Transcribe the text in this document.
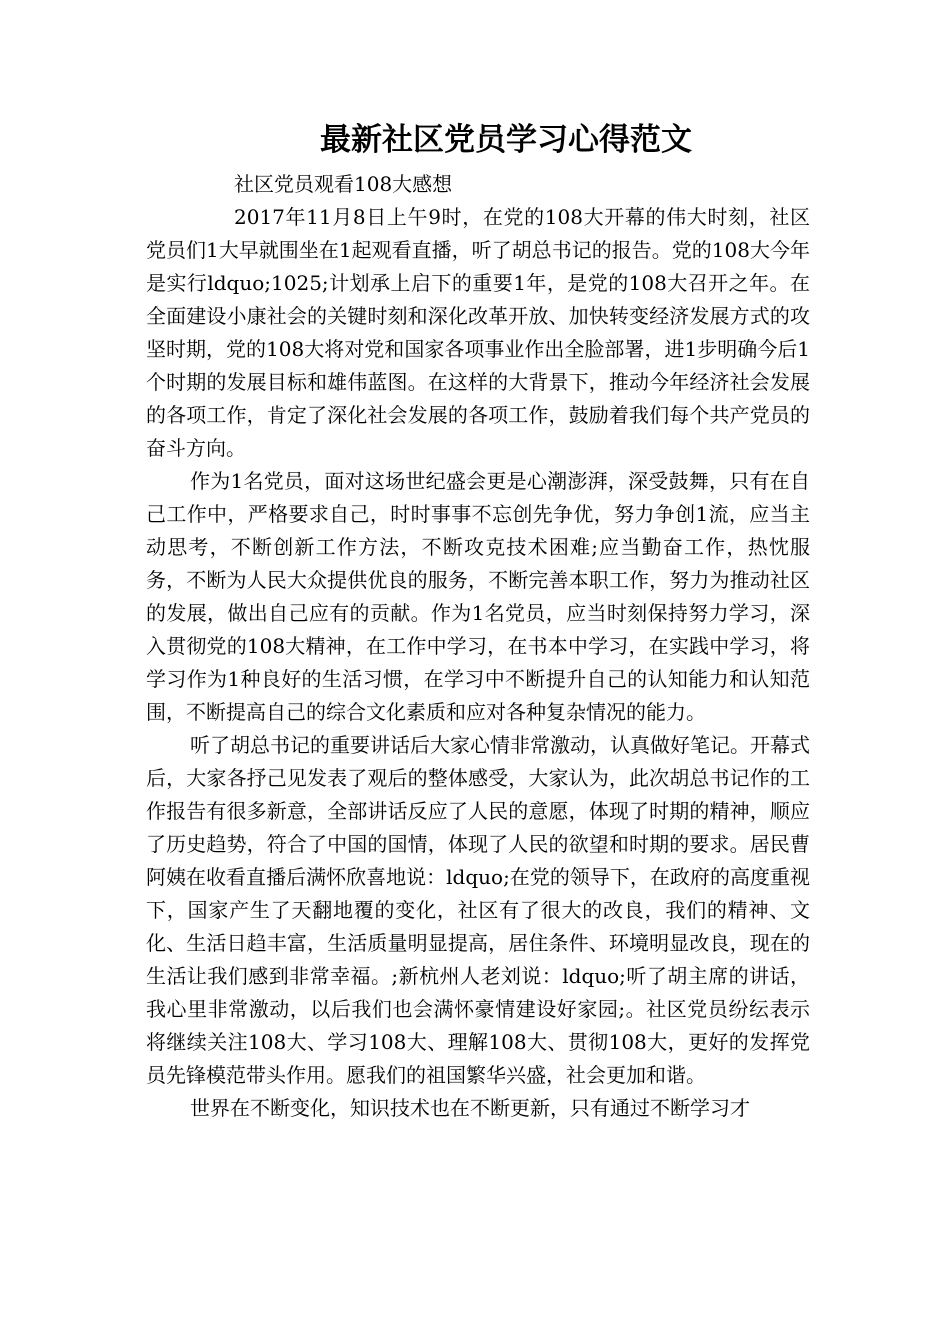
最新社区党员学习心得范文

社区党员观看108大感想

2017年11月8日上午9时，在党的108大开幕的伟大时刻，社区党员们1大早就围坐在1起观看直播，听了胡总书记的报告。党的108大今年是实行ldquo;1025;计划承上启下的重要1年，是党的108大召开之年。在全面建设小康社会的关键时刻和深化改革开放、加快转变经济发展方式的攻坚时期，党的108大将对党和国家各项事业作出全脸部署，进1步明确今后1个时期的发展目标和雄伟蓝图。在这样的大背景下，推动今年经济社会发展的各项工作，肯定了深化社会发展的各项工作，鼓励着我们每个共产党员的奋斗方向。

作为1名党员，面对这场世纪盛会更是心潮澎湃，深受鼓舞，只有在自己工作中，严格要求自己，时时事事不忘创先争优，努力争创1流，应当主动思考，不断创新工作方法，不断攻克技术困难;应当勤奋工作，热忱服务，不断为人民大众提供优良的服务，不断完善本职工作，努力为推动社区的发展，做出自己应有的贡献。作为1名党员，应当时刻保持努力学习，深入贯彻党的108大精神，在工作中学习，在书本中学习，在实践中学习，将学习作为1种良好的生活习惯，在学习中不断提升自己的认知能力和认知范围，不断提高自己的综合文化素质和应对各种复杂情况的能力。

听了胡总书记的重要讲话后大家心情非常激动，认真做好笔记。开幕式后，大家各抒己见发表了观后的整体感受，大家认为，此次胡总书记作的工作报告有很多新意，全部讲话反应了人民的意愿，体现了时期的精神，顺应了历史趋势，符合了中国的国情，体现了人民的欲望和时期的要求。居民曹阿姨在收看直播后满怀欣喜地说：ldquo;在党的领导下，在政府的高度重视下，国家产生了天翻地覆的变化，社区有了很大的改良，我们的精神、文化、生活日趋丰富，生活质量明显提高，居住条件、环境明显改良，现在的生活让我们感到非常幸福。;新杭州人老刘说：ldquo;听了胡主席的讲话，我心里非常激动，以后我们也会满怀豪情建设好家园;。社区党员纷纭表示将继续关注108大、学习108大、理解108大、贯彻108大，更好的发挥党员先锋模范带头作用。愿我们的祖国繁华兴盛，社会更加和谐。

世界在不断变化，知识技术也在不断更新，只有通过不断学习才
